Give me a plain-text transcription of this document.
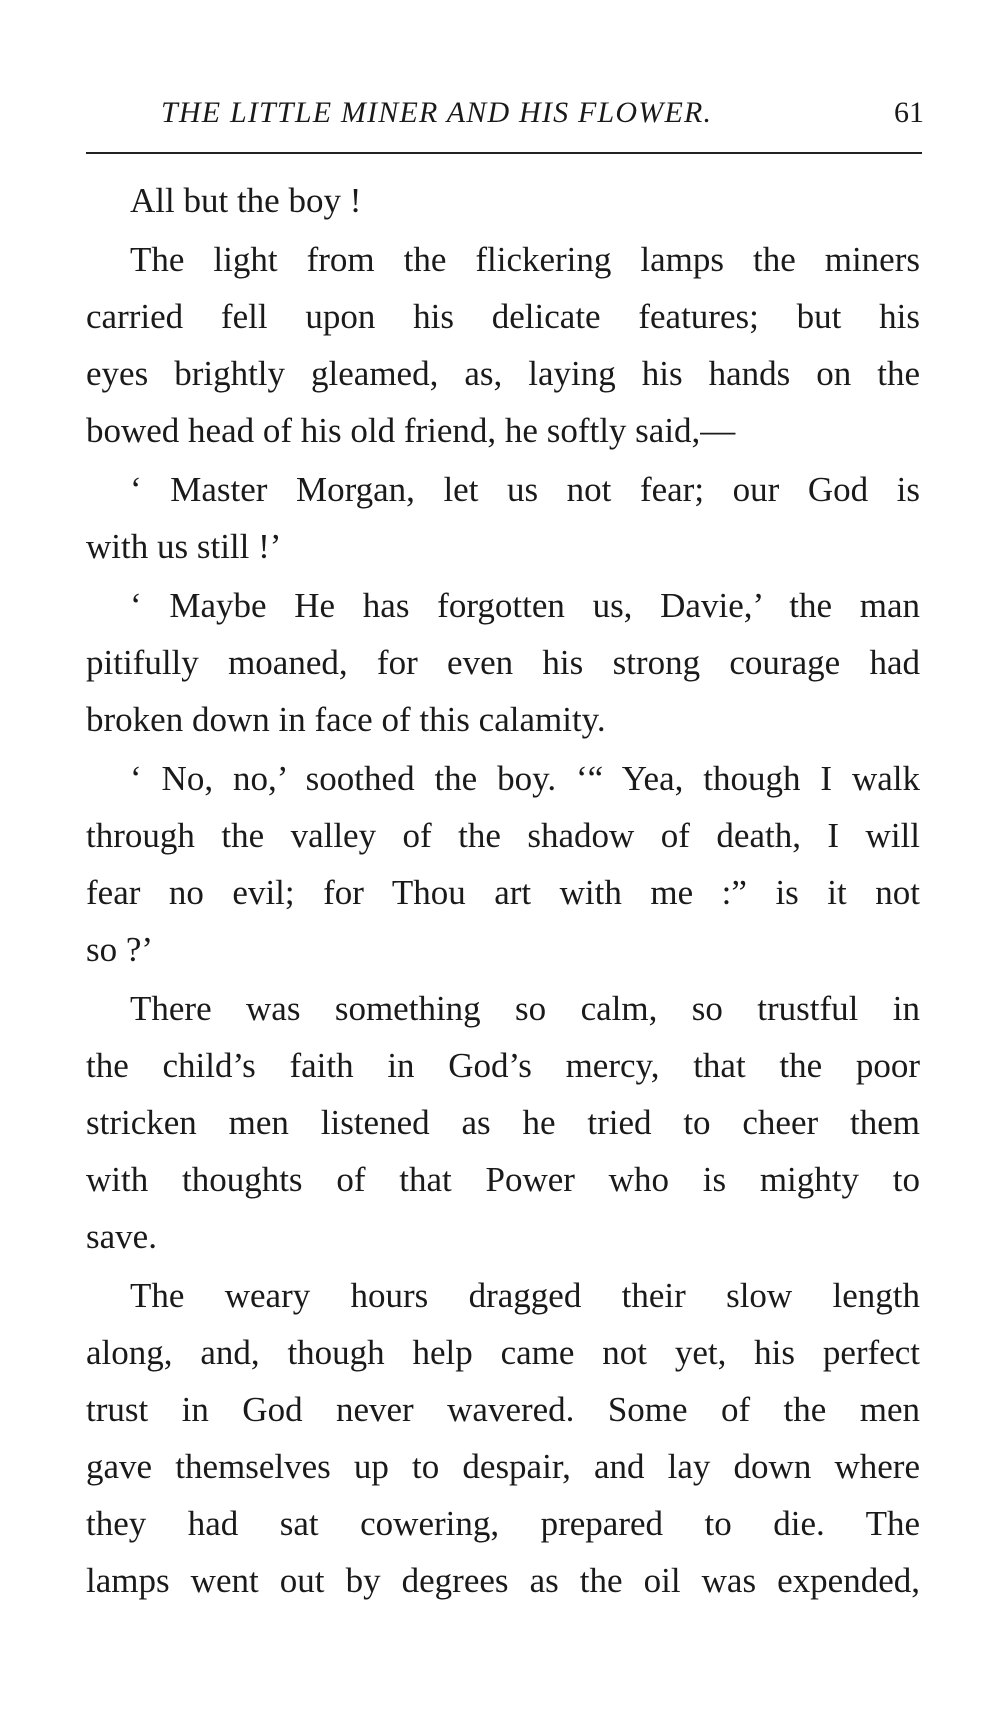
THE LITTLE MINER AND HIS FLOWER.	61
All but the boy !
The light from the flickering lamps the miners
carried fell upon his delicate features; but his
eyes brightly gleamed, as, laying his hands on the
bowed head of his old friend, he softly said,—
‘ Master Morgan, let us not fear; our God is
with us still !’
‘ Maybe He has forgotten us, Davie,’ the man
pitifully moaned, for even his strong courage had
broken down in face of this calamity.
‘ No, no,’ soothed the boy. ‘“ Yea, though I walk
through the valley of the shadow of death, I will
fear no evil; for Thou art with me :” is it not
so ?’
There was something so calm, so trustful in
the child’s faith in God’s mercy, that the poor
stricken men listened as he tried to cheer them
with thoughts of that Power who is mighty to
save.
The weary hours dragged their slow length
along, and, though help came not yet, his perfect
trust in God never wavered. Some of the men
gave themselves up to despair, and lay down where
they had sat cowering, prepared to die. The
lamps went out by degrees as the oil was expended,
